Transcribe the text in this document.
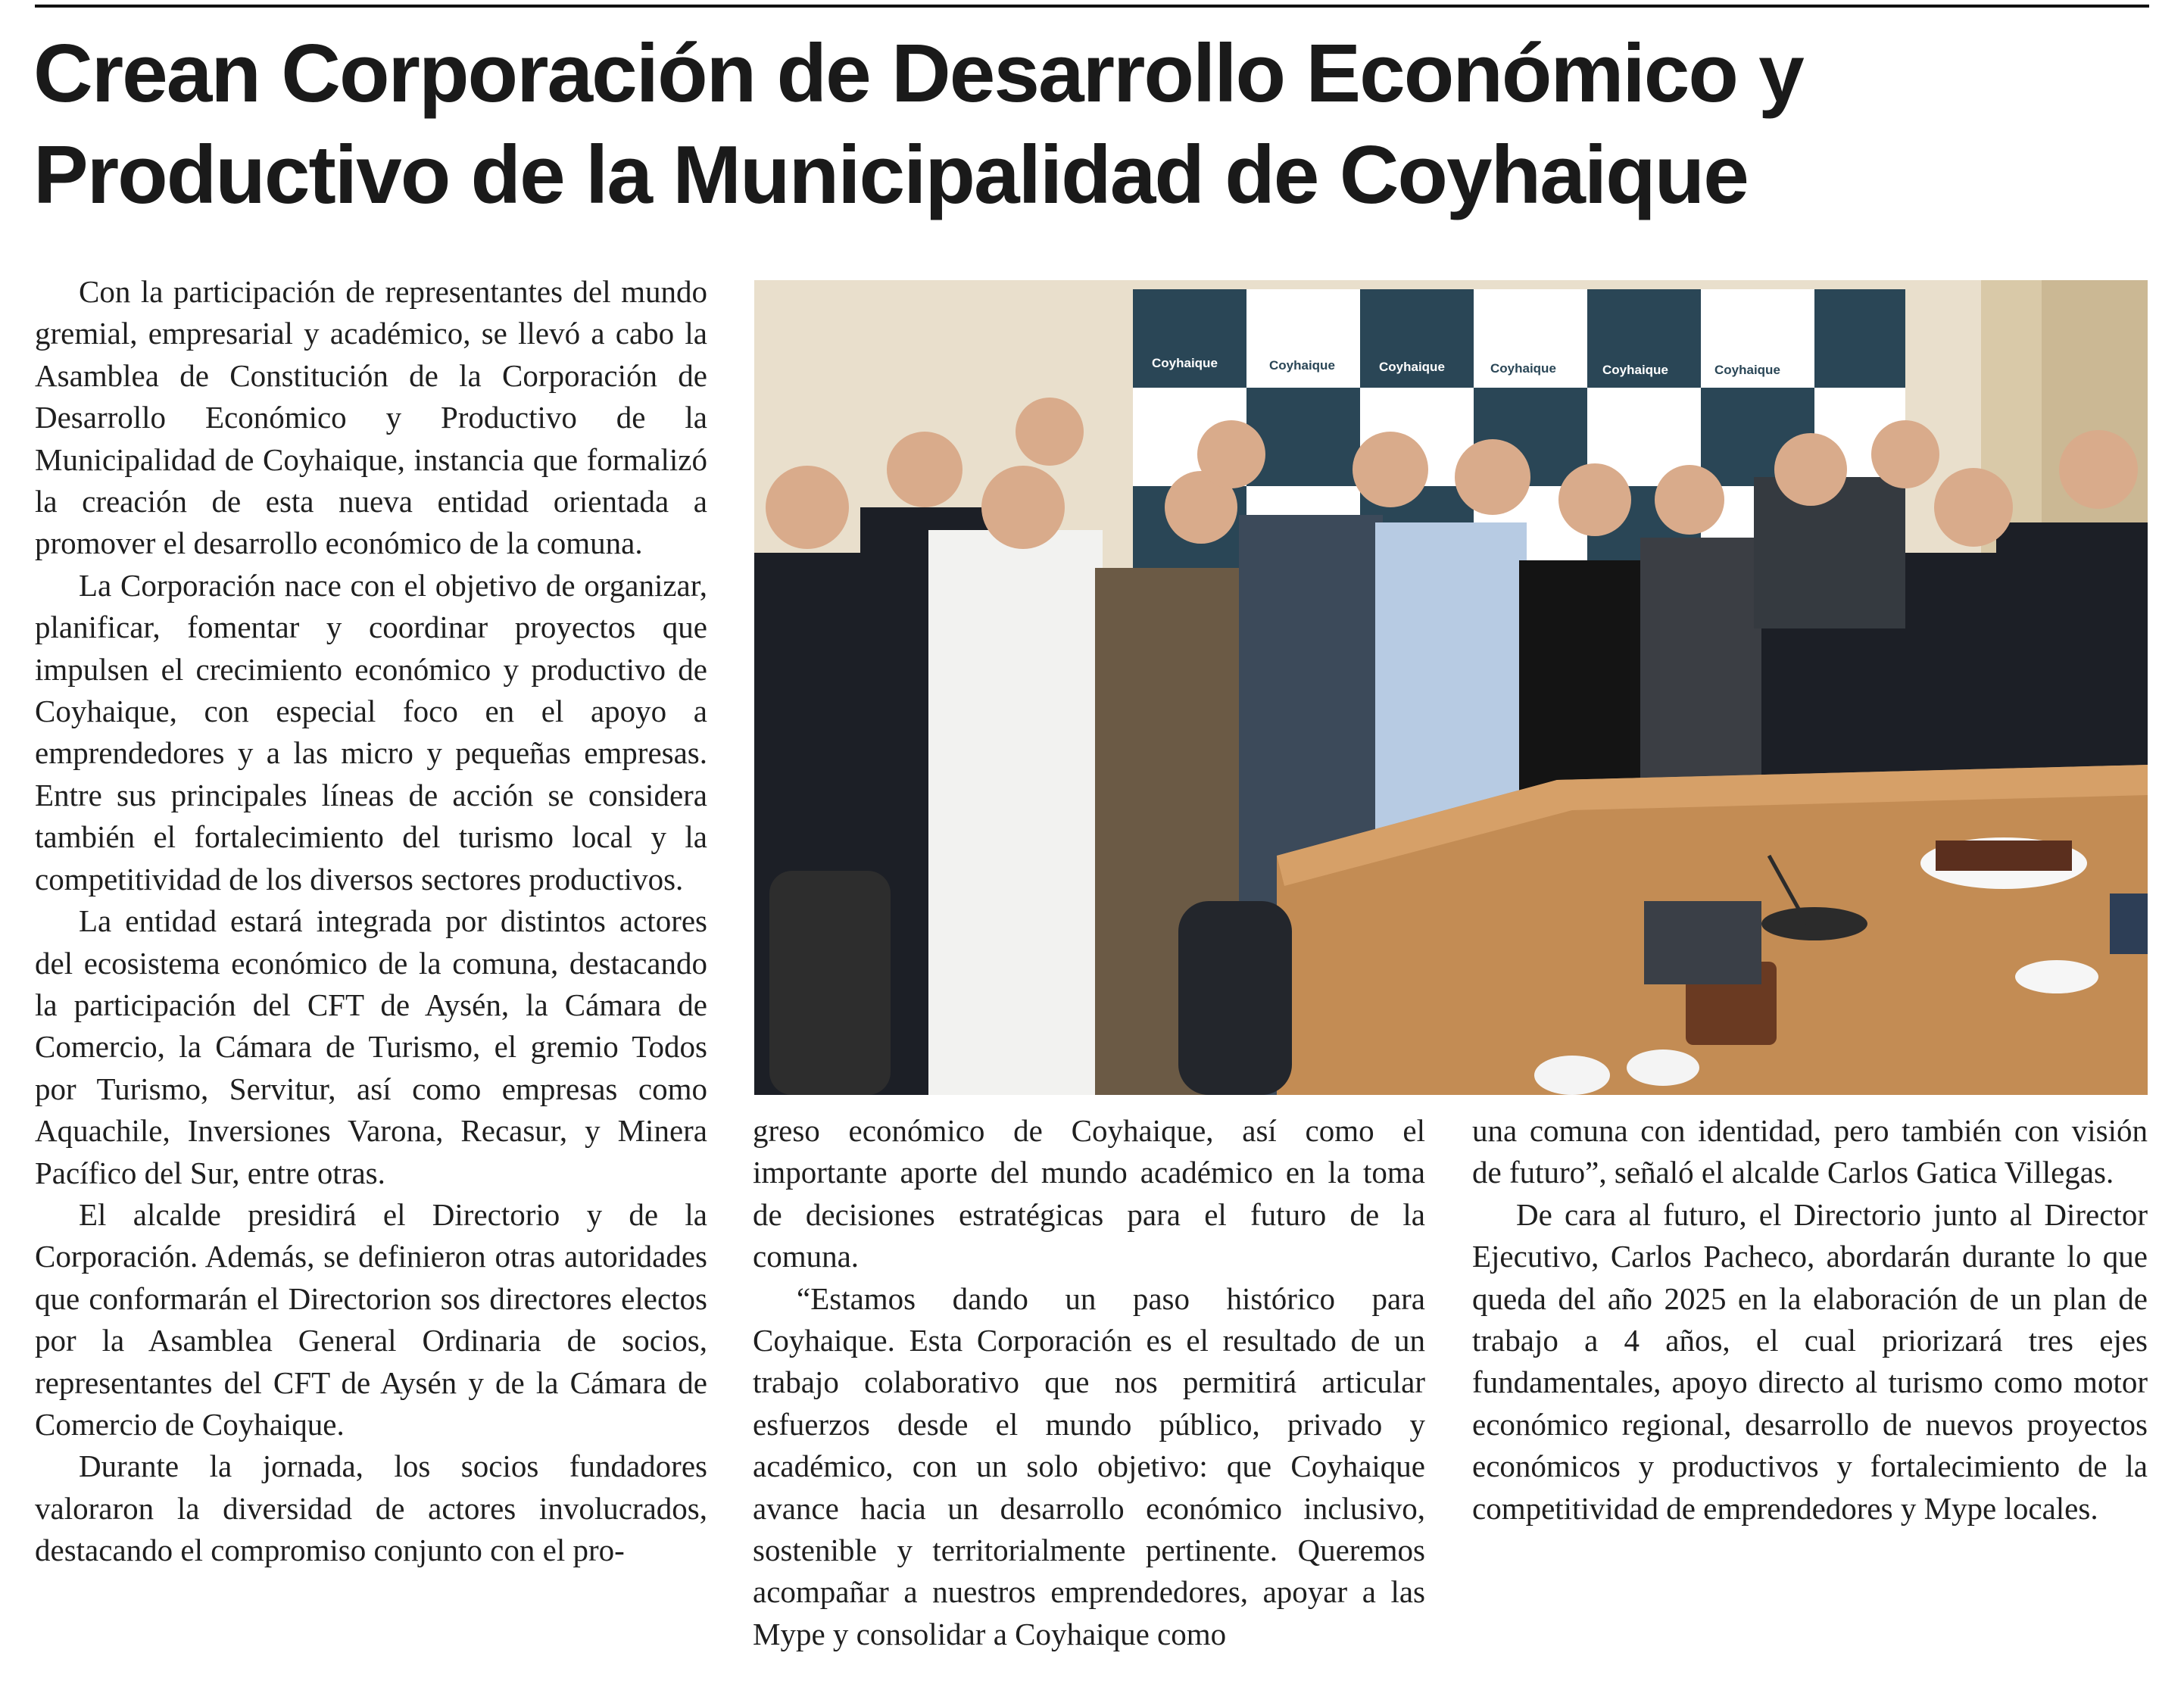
Crean Corporación de Desarrollo Económico y Productivo de la Municipalidad de Coyhaique

Con la participación de representantes del mundo gremial, empresarial y académico, se llevó a cabo la Asamblea de Constitución de la Corporación de Desarrollo Económico y Productivo de la Municipalidad de Coyhaique, instancia que formalizó la creación de esta nueva entidad orientada a promover el desarrollo económico de la comuna.

La Corporación nace con el objetivo de organizar, planificar, fomentar y coordinar proyectos que impulsen el crecimiento económico y productivo de Coyhaique, con especial foco en el apoyo a emprendedores y a las micro y pequeñas empresas. Entre sus principales líneas de acción se considera también el fortalecimiento del turismo local y la competitividad de los diversos sectores productivos.

La entidad estará integrada por distintos actores del ecosistema económico de la comuna, destacando la participación del CFT de Aysén, la Cámara de Comercio, la Cámara de Turismo, el gremio Todos por Turismo, Servitur, así como empresas como Aquachile, Inversiones Varona, Recasur, y Minera Pacífico del Sur, entre otras.

El alcalde presidirá el Directorio y de la Corporación. Además, se definieron otras autoridades que conformarán el Directorion sos directores electos por la Asamblea General Ordinaria de socios, representantes del CFT de Aysén y de la Cámara de Comercio de Coyhaique.

Durante la jornada, los socios fundadores valoraron la diversidad de actores involucrados, destacando el compromiso conjunto con el pro-

Coyhaique	Coyhaique	Coyhaique	Coyhaique	Coyhaique	Coyhaique

greso económico de Coyhaique, así como el importante aporte del mundo académico en la toma de decisiones estratégicas para el futuro de la comuna.

“Estamos dando un paso histórico para Coyhaique. Esta Corporación es el resultado de un trabajo colaborativo que nos permitirá articular esfuerzos desde el mundo público, privado y académico, con un solo objetivo: que Coyhaique avance hacia un desarrollo económico inclusivo, sostenible y territorialmente pertinente. Queremos acompañar a nuestros emprendedores, apoyar a las Mype y consolidar a Coyhaique como

una comuna con identidad, pero también con visión de futuro”, señaló el alcalde Carlos Gatica Villegas.

De cara al futuro, el Directorio junto al Director Ejecutivo, Carlos Pacheco, abordarán durante lo que queda del año 2025 en la elaboración de un plan de trabajo a 4 años, el cual priorizará tres ejes fundamentales, apoyo directo al turismo como motor económico regional, desarrollo de nuevos proyectos económicos y productivos y fortalecimiento de la competitividad de emprendedores y Mype locales.
